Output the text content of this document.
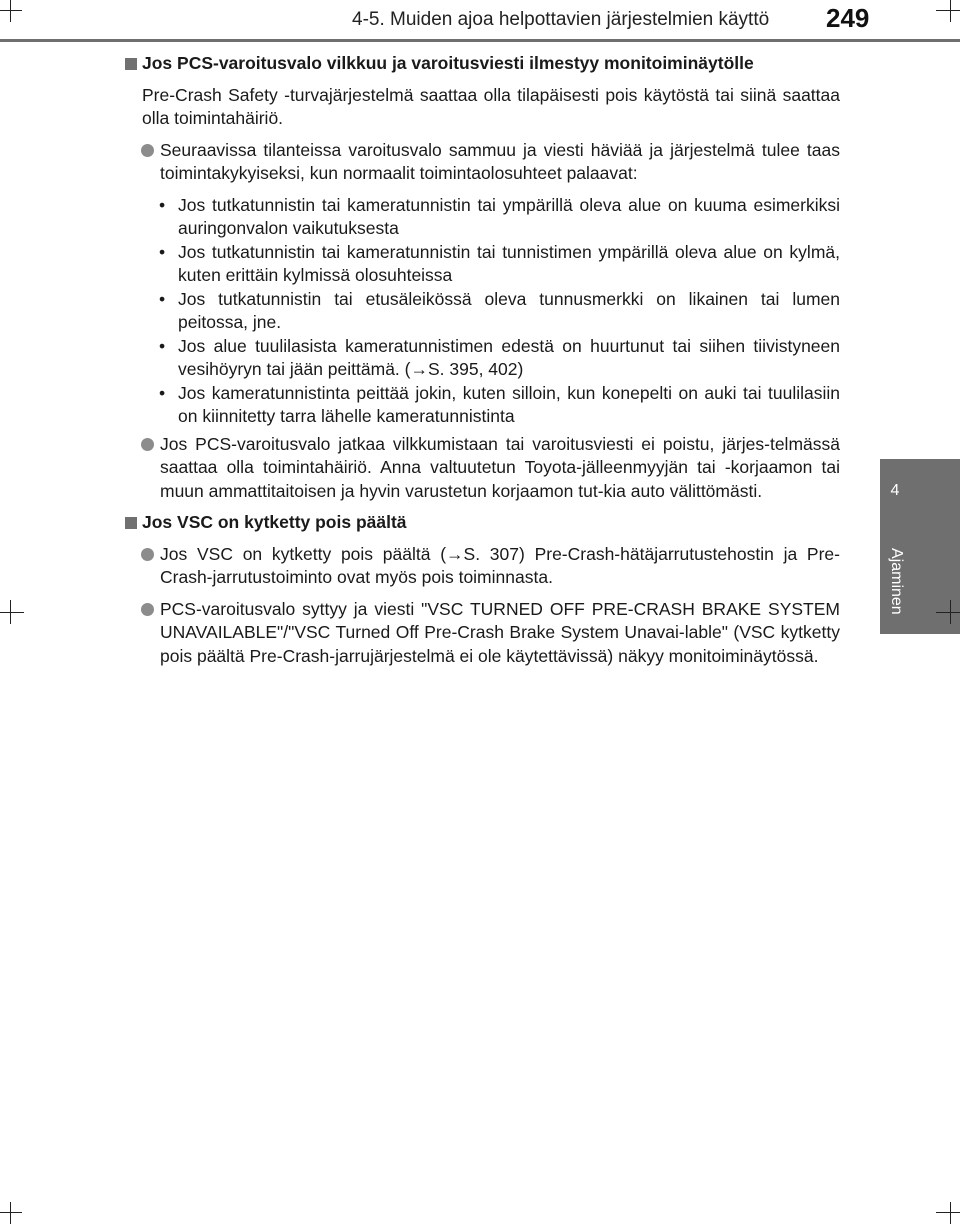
4-5. Muiden ajoa helpottavien järjestelmien käyttö 249
4
Ajaminen
Jos PCS-varoitusvalo vilkkuu ja varoitusviesti ilmestyy monitoiminäytölle
Pre-Crash Safety -turvajärjestelmä saattaa olla tilapäisesti pois käytöstä tai siinä saattaa olla toimintahäiriö.
Seuraavissa tilanteissa varoitusvalo sammuu ja viesti häviää ja järjestelmä tulee taas toimintakykyiseksi, kun normaalit toimintaolosuhteet palaavat:
• Jos tutkatunnistin tai kameratunnistin tai ympärillä oleva alue on kuuma esimerkiksi auringonvalon vaikutuksesta
• Jos tutkatunnistin tai kameratunnistin tai tunnistimen ympärillä oleva alue on kylmä, kuten erittäin kylmissä olosuhteissa
• Jos tutkatunnistin tai etusäleikössä oleva tunnusmerkki on likainen tai lumen peitossa, jne.
• Jos alue tuulilasista kameratunnistimen edestä on huurtunut tai siihen tiivistyneen vesihöyryn tai jään peittämä. (→S. 395, 402)
• Jos kameratunnistinta peittää jokin, kuten silloin, kun konepelti on auki tai tuulilasiin on kiinnitetty tarra lähelle kameratunnistinta
Jos PCS-varoitusvalo jatkaa vilkkumistaan tai varoitusviesti ei poistu, järjes-telmässä saattaa olla toimintahäiriö. Anna valtuutetun Toyota-jälleenmyyjän tai -korjaamon tai muun ammattitaitoisen ja hyvin varustetun korjaamon tut-kia auto välittömästi.
Jos VSC on kytketty pois päältä
Jos VSC on kytketty pois päältä (→S. 307) Pre-Crash-hätäjarrutustehostin ja Pre-Crash-jarrutustoiminto ovat myös pois toiminnasta.
PCS-varoitusvalo syttyy ja viesti "VSC TURNED OFF PRE-CRASH BRAKE SYSTEM UNAVAILABLE"/"VSC Turned Off Pre-Crash Brake System Unavai-lable" (VSC kytketty pois päältä Pre-Crash-jarrujärjestelmä ei ole käytettävissä) näkyy monitoiminäytössä.
